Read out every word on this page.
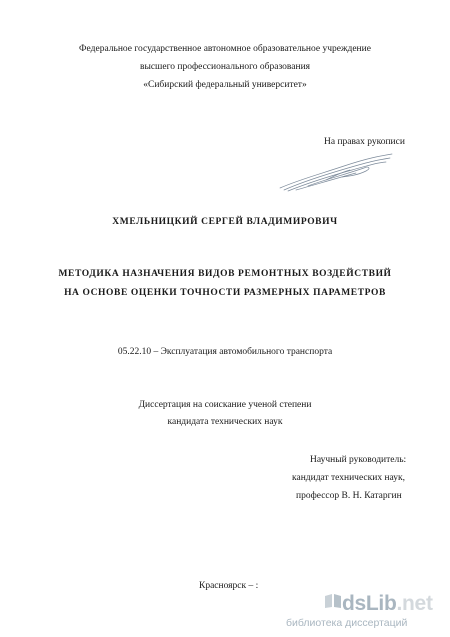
Федеральное государственное автономное образовательное учреждение
высшего профессионального образования
«Сибирский федеральный университет»
На правах рукописи
ХМЕЛЬНИЦКИЙ СЕРГЕЙ ВЛАДИМИРОВИЧ
МЕТОДИКА НАЗНАЧЕНИЯ ВИДОВ РЕМОНТНЫХ ВОЗДЕЙСТВИЙ
НА ОСНОВЕ ОЦЕНКИ ТОЧНОСТИ РАЗМЕРНЫХ ПАРАМЕТРОВ
05.22.10 – Эксплуатация автомобильного транспорта
Диссертация на соискание ученой степени
кандидата технических наук
Научный руководитель:
кандидат технических наук,
профессор В. Н. Катаргин
Красноярск – :
dsLib.net
библиотека диссертаций
